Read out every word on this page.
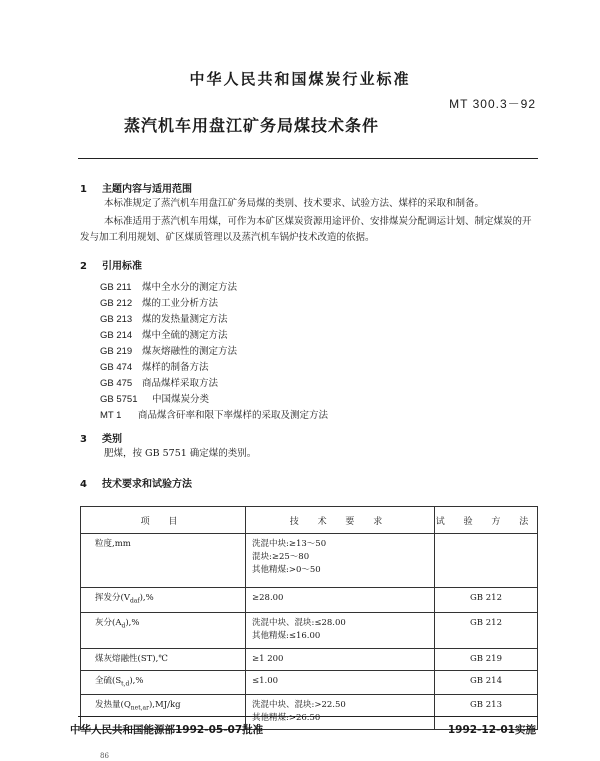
中华人民共和国煤炭行业标准
MT 300.3－92
蒸汽机车用盘江矿务局煤技术条件
1 主题内容与适用范围
本标准规定了蒸汽机车用盘江矿务局煤的类别、技术要求、试验方法、煤样的采取和制备。
本标准适用于蒸汽机车用煤，可作为本矿区煤炭资源用途评价、安排煤炭分配调运计划、制定煤炭的开发与加工利用规划、矿区煤质管理以及蒸汽机车锅炉技术改造的依据。
2 引用标准
GB 211 煤中全水分的测定方法
GB 212 煤的工业分析方法
GB 213 煤的发热量测定方法
GB 214 煤中全硫的测定方法
GB 219 煤灰熔融性的测定方法
GB 474 煤样的制备方法
GB 475 商品煤样采取方法
GB 5751 中国煤炭分类
MT 1 商品煤含矸率和限下率煤样的采取及测定方法
3 类别
肥煤，按 GB 5751 确定煤的类别。
4 技术要求和试验方法
项 目	技 术 要 求	试 验 方 法
粒度,mm	洗混中块:≥13～50
混块:≥25～80
其他精煤:>0～50	

挥发分$(V_{daf}),\%$	≥28.00	GB 212
灰分$(A_d),\%$	洗混中块、混块:≤28.00
其他精煤:≤16.00	GB 212
煤灰熔融性(ST),℃	≥1 200	GB 219
全硫$(S_{t,d}),\%$	≤1.00	GB 214
发热量$(Q_{net,ar}),MJ/kg$	洗混中块、混块:>22.50
其他精煤:>26.50	GB 213
中华人民共和国能源部1992-05-07批准	1992-12-01实施
86
